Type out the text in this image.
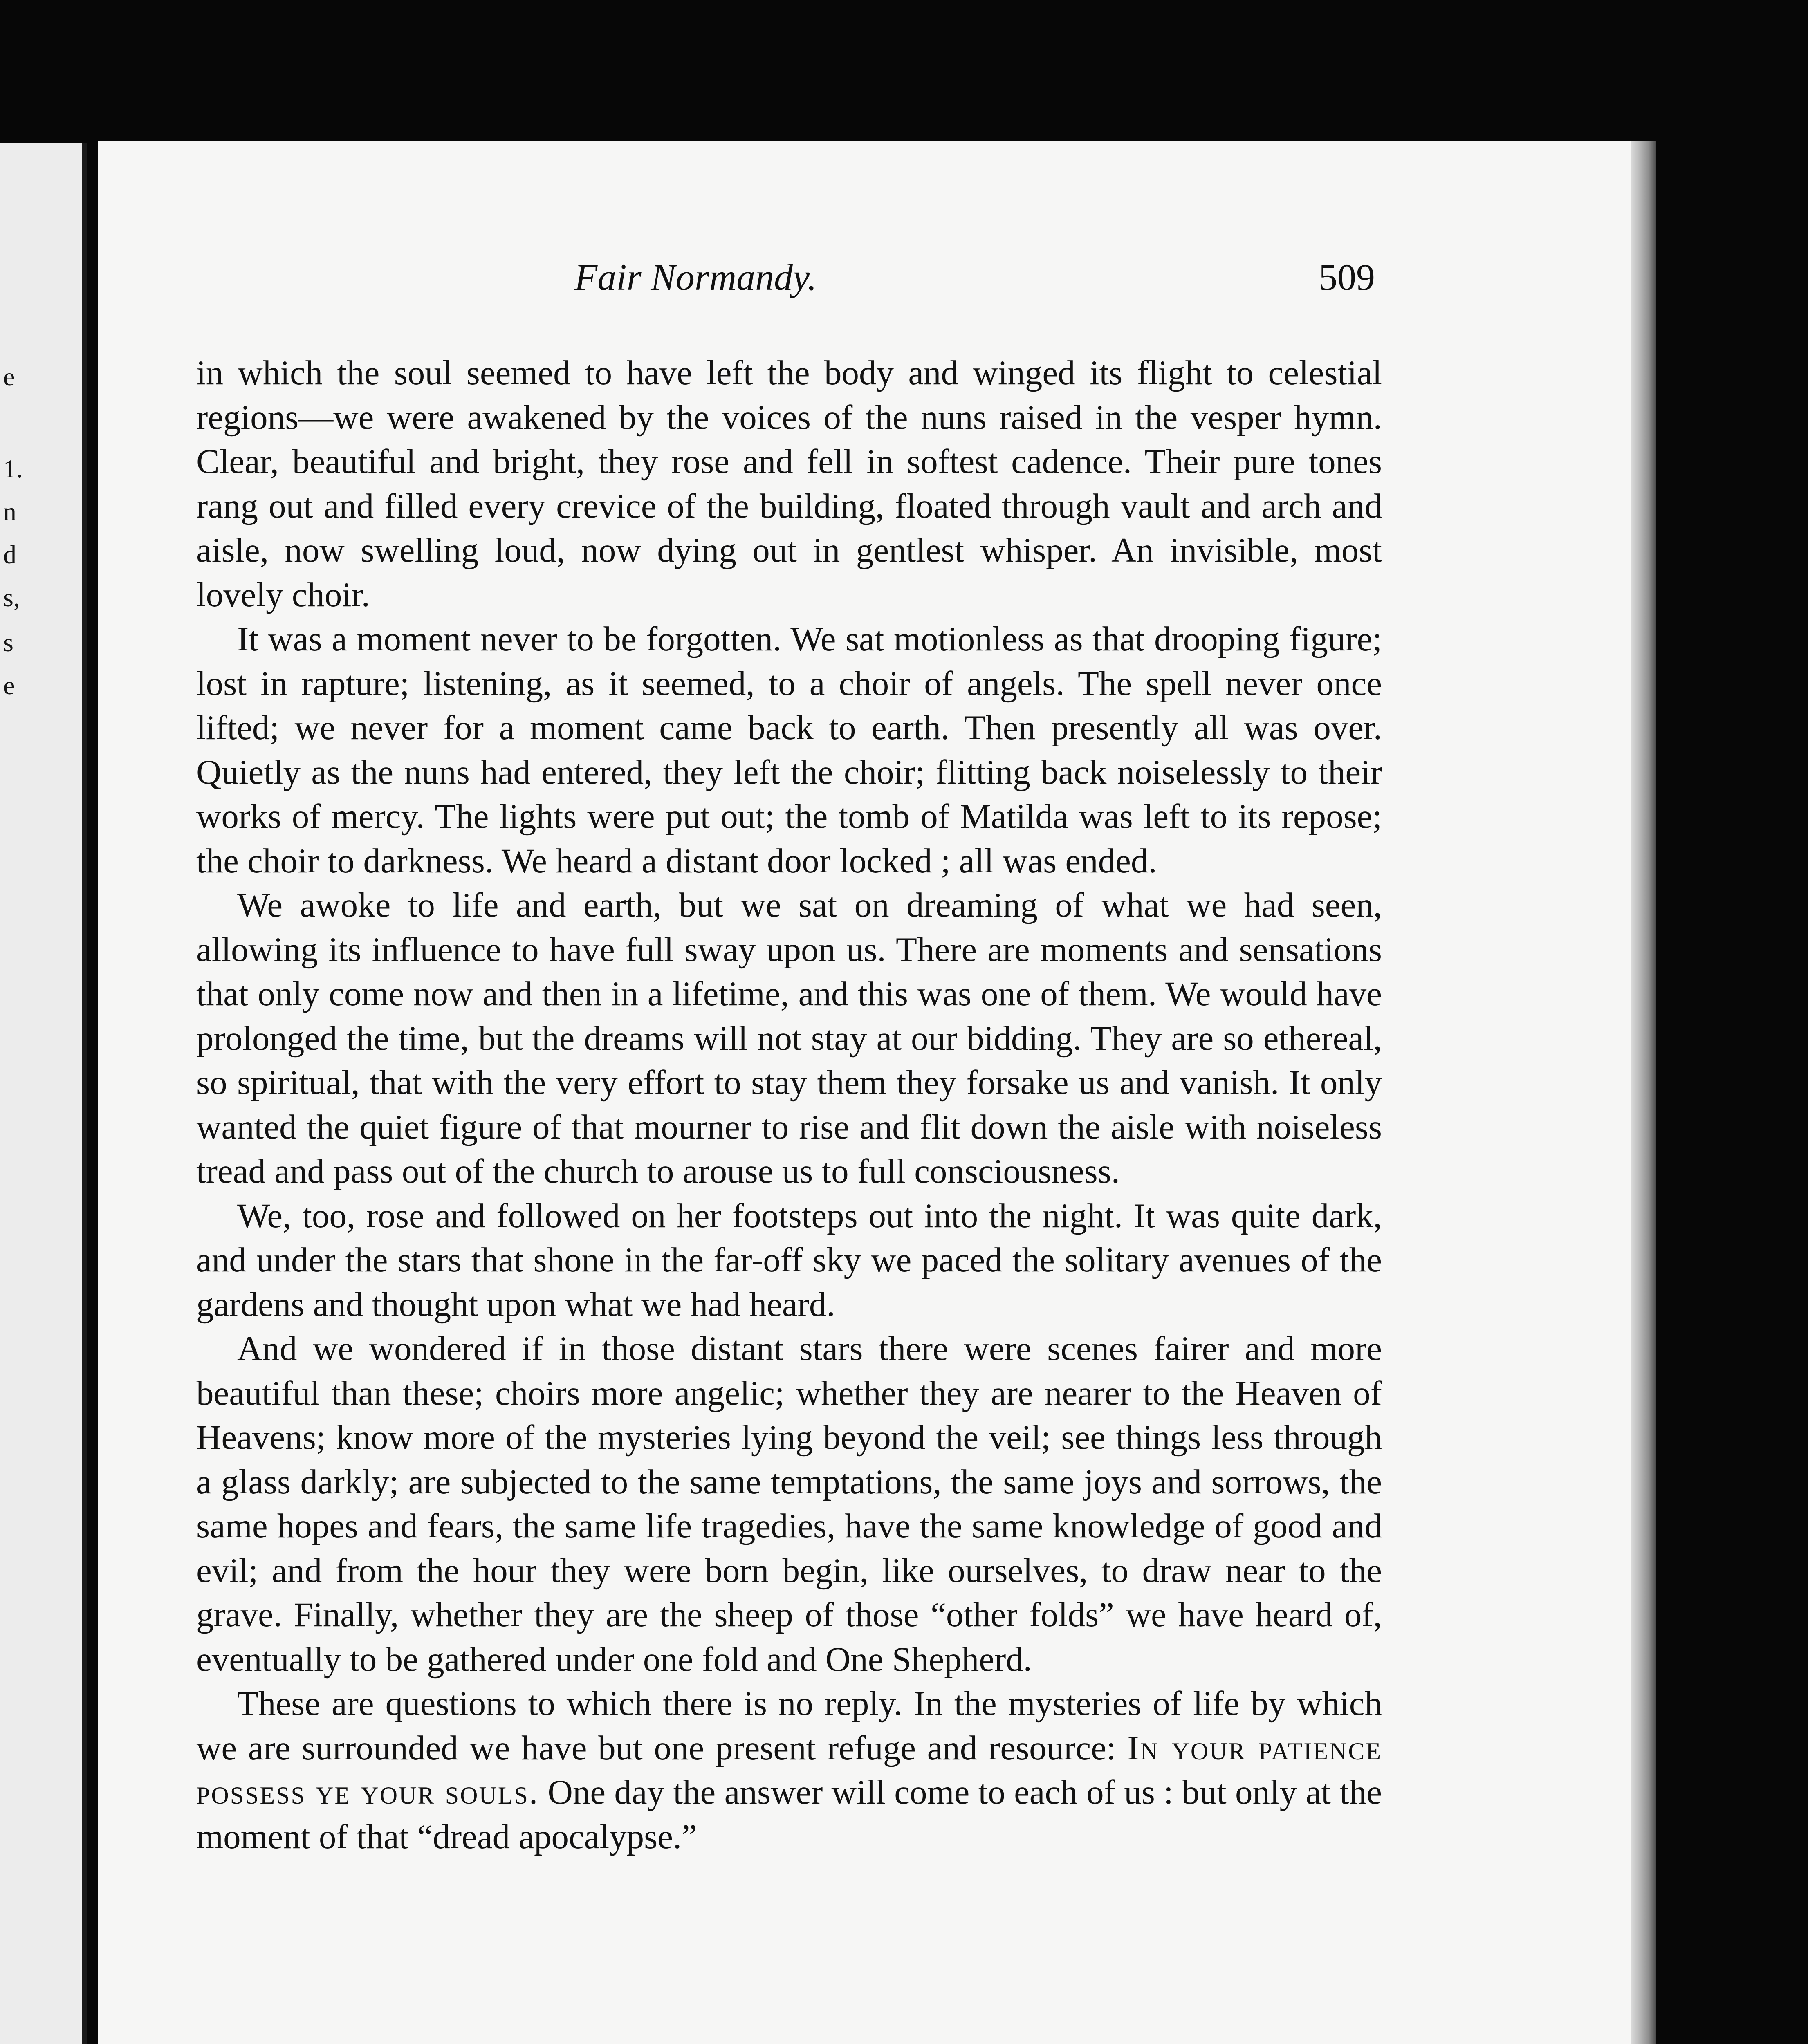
e
1.
n
d
s,
s
e
Fair Normandy.	509

in which the soul seemed to have left the body and winged its flight to celestial regions—we were awakened by the voices of the nuns raised in the vesper hymn. Clear, beautiful and bright, they rose and fell in softest cadence. Their pure tones rang out and filled every crevice of the building, floated through vault and arch and aisle, now swelling loud, now dying out in gentlest whisper. An invisible, most lovely choir.

It was a moment never to be forgotten. We sat motionless as that drooping figure; lost in rapture; listening, as it seemed, to a choir of angels. The spell never once lifted; we never for a moment came back to earth. Then presently all was over. Quietly as the nuns had entered, they left the choir; flitting back noiselessly to their works of mercy. The lights were put out; the tomb of Matilda was left to its repose; the choir to darkness. We heard a distant door locked ; all was ended.

We awoke to life and earth, but we sat on dreaming of what we had seen, allowing its influence to have full sway upon us. There are moments and sensations that only come now and then in a lifetime, and this was one of them. We would have prolonged the time, but the dreams will not stay at our bidding. They are so ethereal, so spiritual, that with the very effort to stay them they forsake us and vanish. It only wanted the quiet figure of that mourner to rise and flit down the aisle with noiseless tread and pass out of the church to arouse us to full consciousness.

We, too, rose and followed on her footsteps out into the night. It was quite dark, and under the stars that shone in the far-off sky we paced the solitary avenues of the gardens and thought upon what we had heard.

And we wondered if in those distant stars there were scenes fairer and more beautiful than these; choirs more angelic; whether they are nearer to the Heaven of Heavens; know more of the mysteries lying beyond the veil; see things less through a glass darkly; are subjected to the same temptations, the same joys and sorrows, the same hopes and fears, the same life tragedies, have the same knowledge of good and evil; and from the hour they were born begin, like ourselves, to draw near to the grave. Finally, whether they are the sheep of those “other folds” we have heard of, eventually to be gathered under one fold and One Shepherd.

These are questions to which there is no reply. In the mysteries of life by which we are surrounded we have but one present refuge and resource: In your patience possess ye your souls. One day the answer will come to each of us : but only at the moment of that “dread apocalypse.”
